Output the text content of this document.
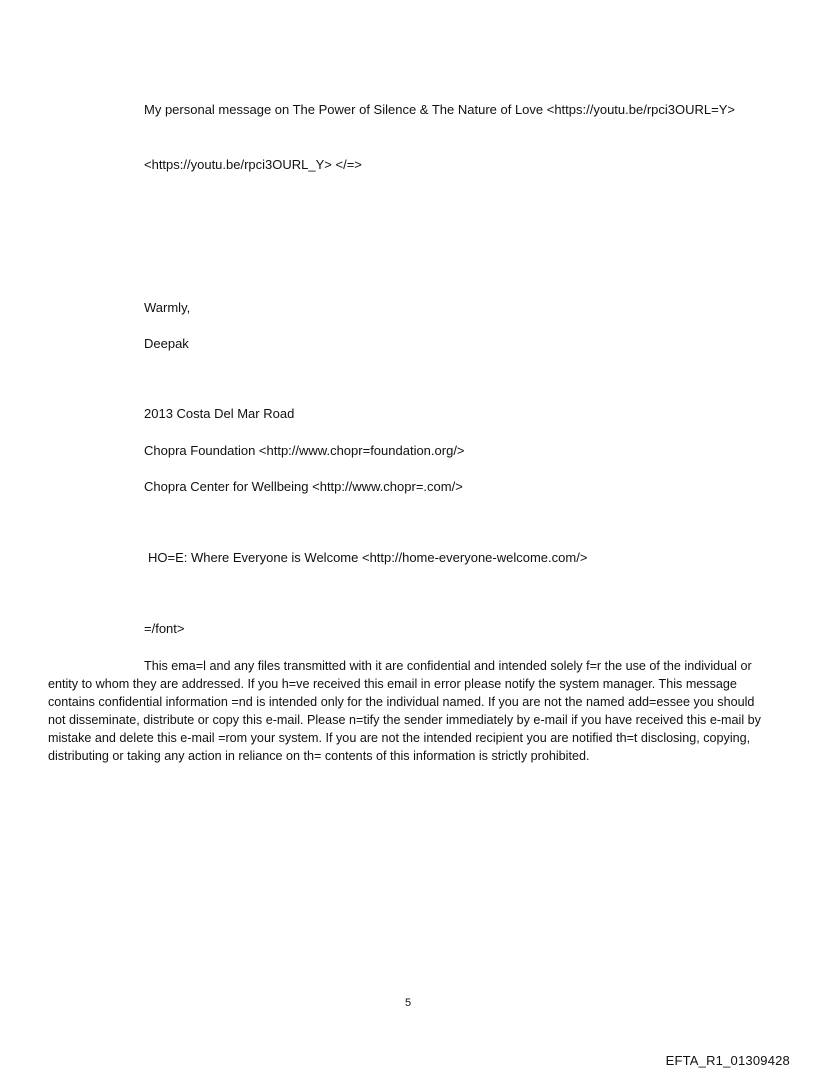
My personal message on The Power of Silence & The Nature of Love <https://youtu.be/rpci3OURL=Y>
<https://youtu.be/rpci3OURL_Y> </=>
Warmly,
Deepak
2013 Costa Del Mar Road
Chopra Foundation <http://www.chopr=foundation.org/>
Chopra Center for Wellbeing <http://www.chopr=.com/>
HO=E: Where Everyone is Welcome <http://home-everyone-welcome.com/>
=/font>
This ema=l and any files transmitted with it are confidential and intended solely f=r the use of the individual or entity to whom they are addressed. If you h=ve received this email in error please notify the system manager. This message contains confidential information =nd is intended only for the individual named. If you are not the named add=essee you should not disseminate, distribute or copy this e-mail. Please n=tify the sender immediately by e-mail if you have received this e-mail by mistake and delete this e-mail =rom your system. If you are not the intended recipient you are notified th=t disclosing, copying, distributing or taking any action in reliance on th= contents of this information is strictly prohibited.
5
EFTA_R1_01309428
